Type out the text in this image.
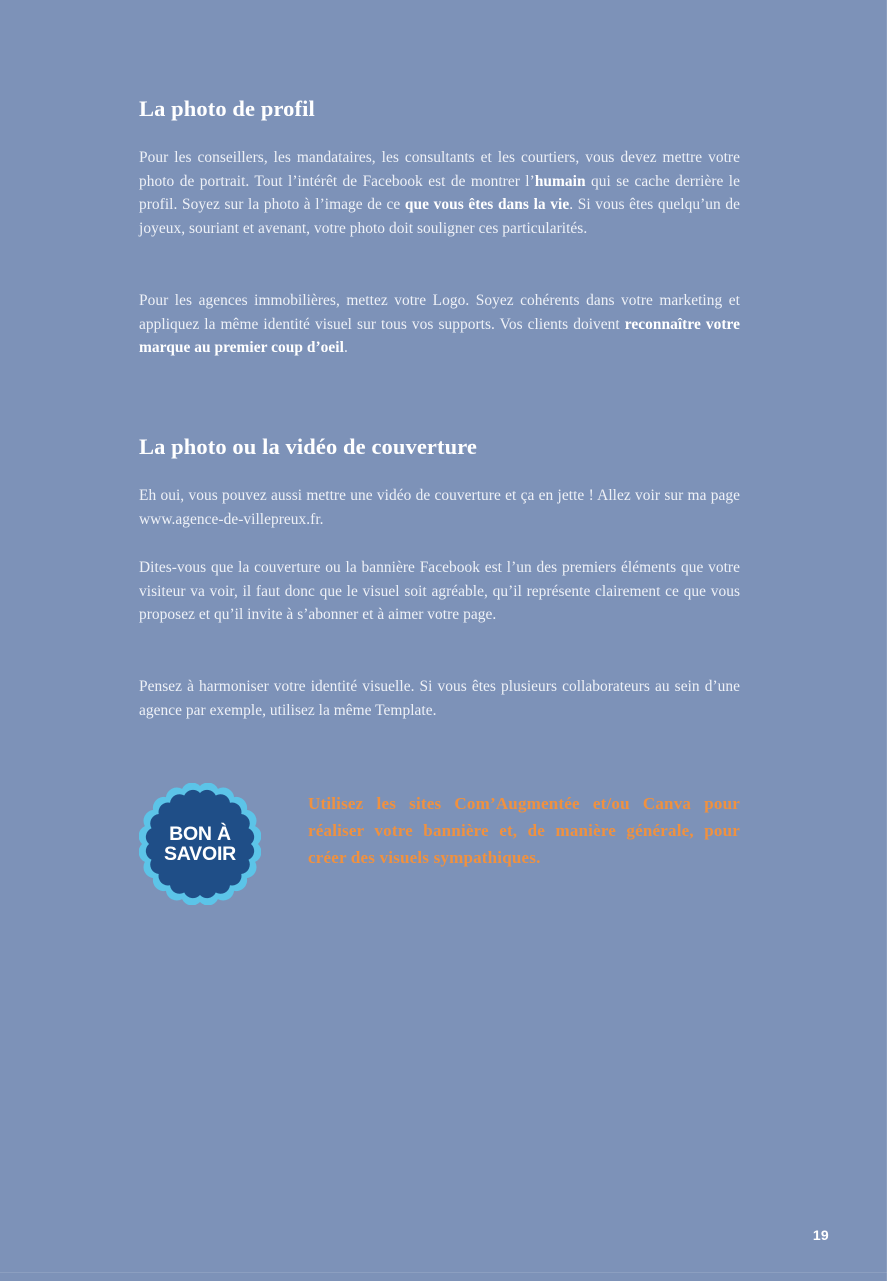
La photo de profil

Pour les conseillers, les mandataires, les consultants et les courtiers, vous devez mettre votre photo de portrait. Tout l’intérêt de Facebook est de montrer l’humain qui se cache derrière le profil. Soyez sur la photo à l’image de ce que vous êtes dans la vie. Si vous êtes quelqu’un de joyeux, souriant et avenant, votre photo doit souligner ces particularités.

Pour les agences immobilières, mettez votre Logo. Soyez cohérents dans votre marketing et appliquez la même identité visuel sur tous vos supports. Vos clients doivent reconnaître votre marque au premier coup d’oeil.

La photo ou la vidéo de couverture

Eh oui, vous pouvez aussi mettre une vidéo de couverture et ça en jette ! Allez voir sur ma page www.agence-de-villepreux.fr.

Dites-vous que la couverture ou la bannière Facebook est l’un des premiers éléments que votre visiteur va voir, il faut donc que le visuel soit agréable, qu’il représente clairement ce que vous proposez et qu’il invite à s’abonner et à aimer votre page.

Pensez à harmoniser votre identité visuelle. Si vous êtes plusieurs collaborateurs au sein d’une agence par exemple, utilisez la même Template.

BON À
SAVOIR
Utilisez les sites Com’Augmentée et/ou Canva pour réaliser votre bannière et, de manière générale, pour créer des visuels sympathiques.
19
